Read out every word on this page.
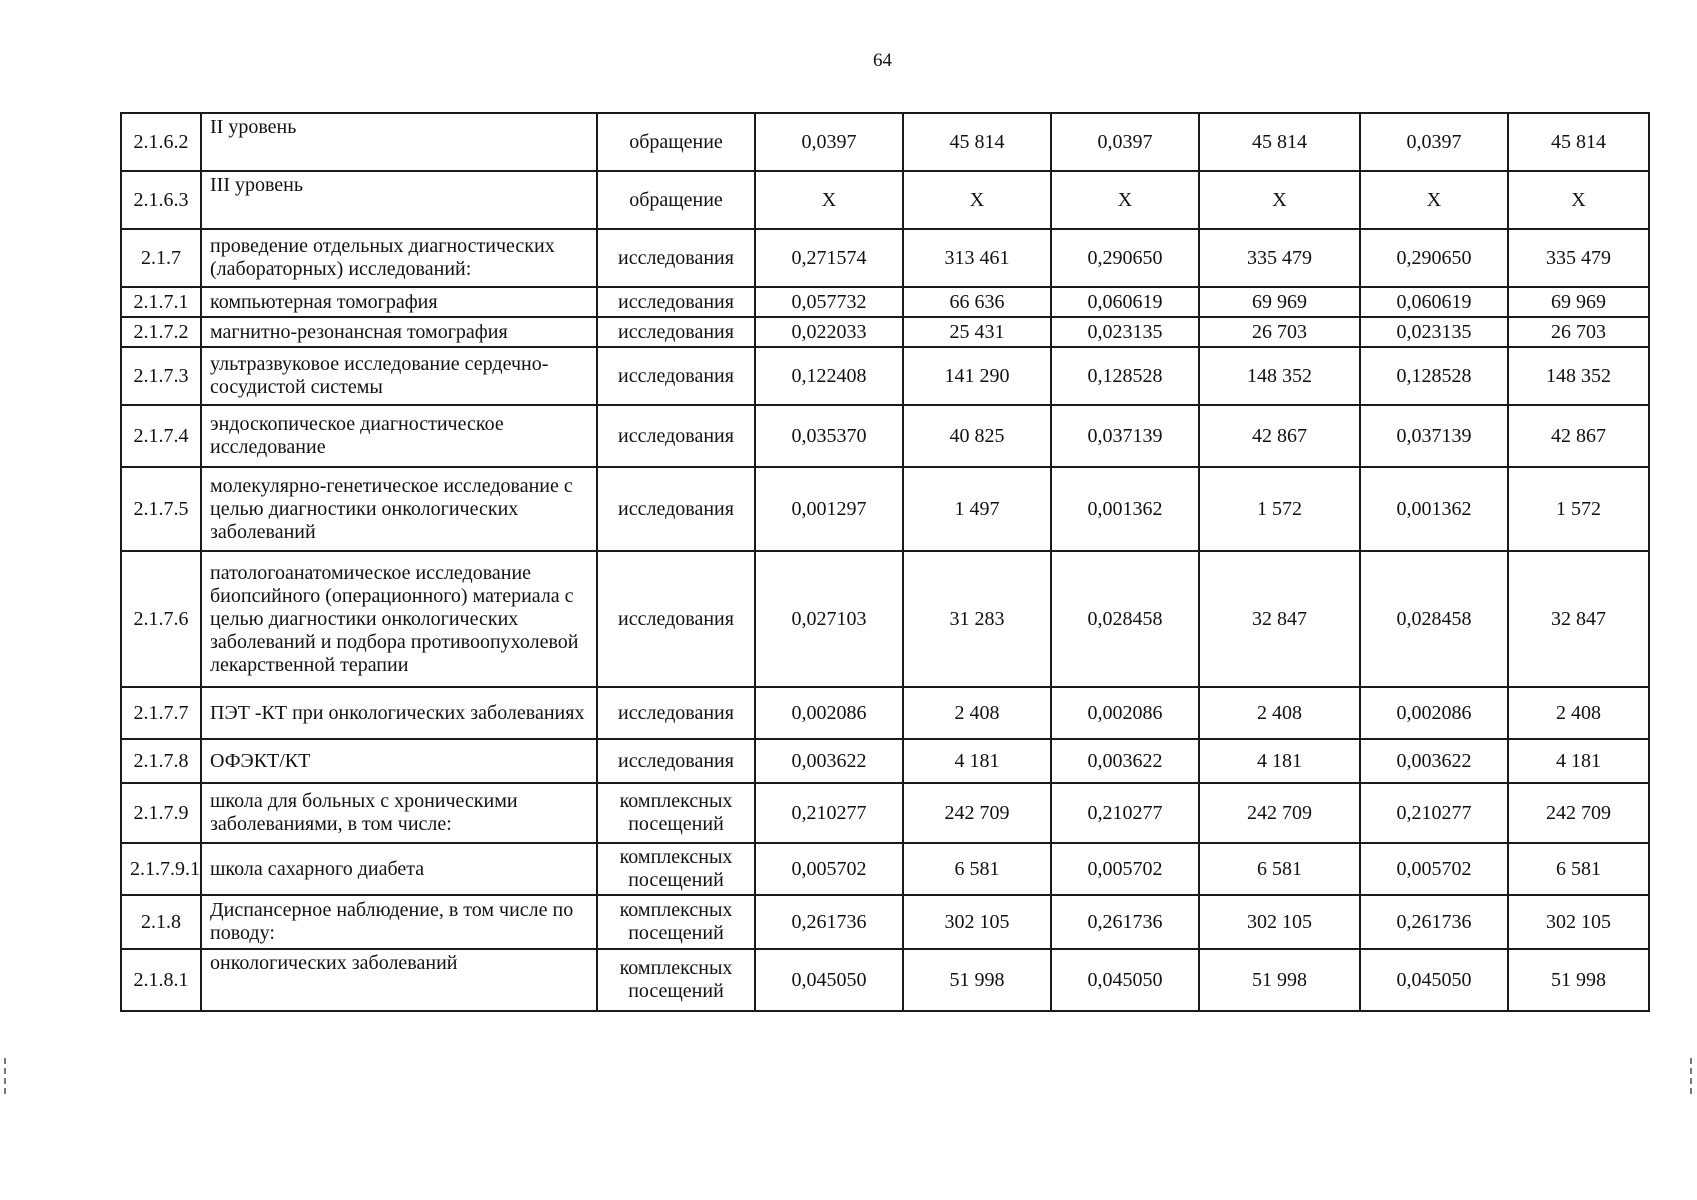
64
2.1.6.2	II уровень	обращение	0,0397	45 814	0,0397	45 814	0,0397	45 814
2.1.6.3	III уровень	обращение	X	X	X	X	X	X
2.1.7	проведение отдельных диагностических (лабораторных) исследований:	исследования	0,271574	313 461	0,290650	335 479	0,290650	335 479
2.1.7.1	компьютерная томография	исследования	0,057732	66 636	0,060619	69 969	0,060619	69 969
2.1.7.2	магнитно-резонансная томография	исследования	0,022033	25 431	0,023135	26 703	0,023135	26 703
2.1.7.3	ультразвуковое исследование сердечно-сосудистой системы	исследования	0,122408	141 290	0,128528	148 352	0,128528	148 352
2.1.7.4	эндоскопическое диагностическое исследование	исследования	0,035370	40 825	0,037139	42 867	0,037139	42 867
2.1.7.5	молекулярно-генетическое исследование с целью диагностики онкологических заболеваний	исследования	0,001297	1 497	0,001362	1 572	0,001362	1 572
2.1.7.6	патологоанатомическое исследование биопсийного (операционного) материала с целью диагностики онкологических заболеваний и подбора противоопухолевой лекарственной терапии	исследования	0,027103	31 283	0,028458	32 847	0,028458	32 847
2.1.7.7	ПЭТ -КТ при онкологических заболеваниях	исследования	0,002086	2 408	0,002086	2 408	0,002086	2 408
2.1.7.8	ОФЭКТ/КТ	исследования	0,003622	4 181	0,003622	4 181	0,003622	4 181
2.1.7.9	школа для больных с хроническими заболеваниями, в том числе:	комплексных посещений	0,210277	242 709	0,210277	242 709	0,210277	242 709
2.1.7.9.1	школа сахарного диабета	комплексных посещений	0,005702	6 581	0,005702	6 581	0,005702	6 581
2.1.8	Диспансерное наблюдение, в том числе по поводу:	комплексных посещений	0,261736	302 105	0,261736	302 105	0,261736	302 105
2.1.8.1	онкологических заболеваний	комплексных посещений	0,045050	51 998	0,045050	51 998	0,045050	51 998
